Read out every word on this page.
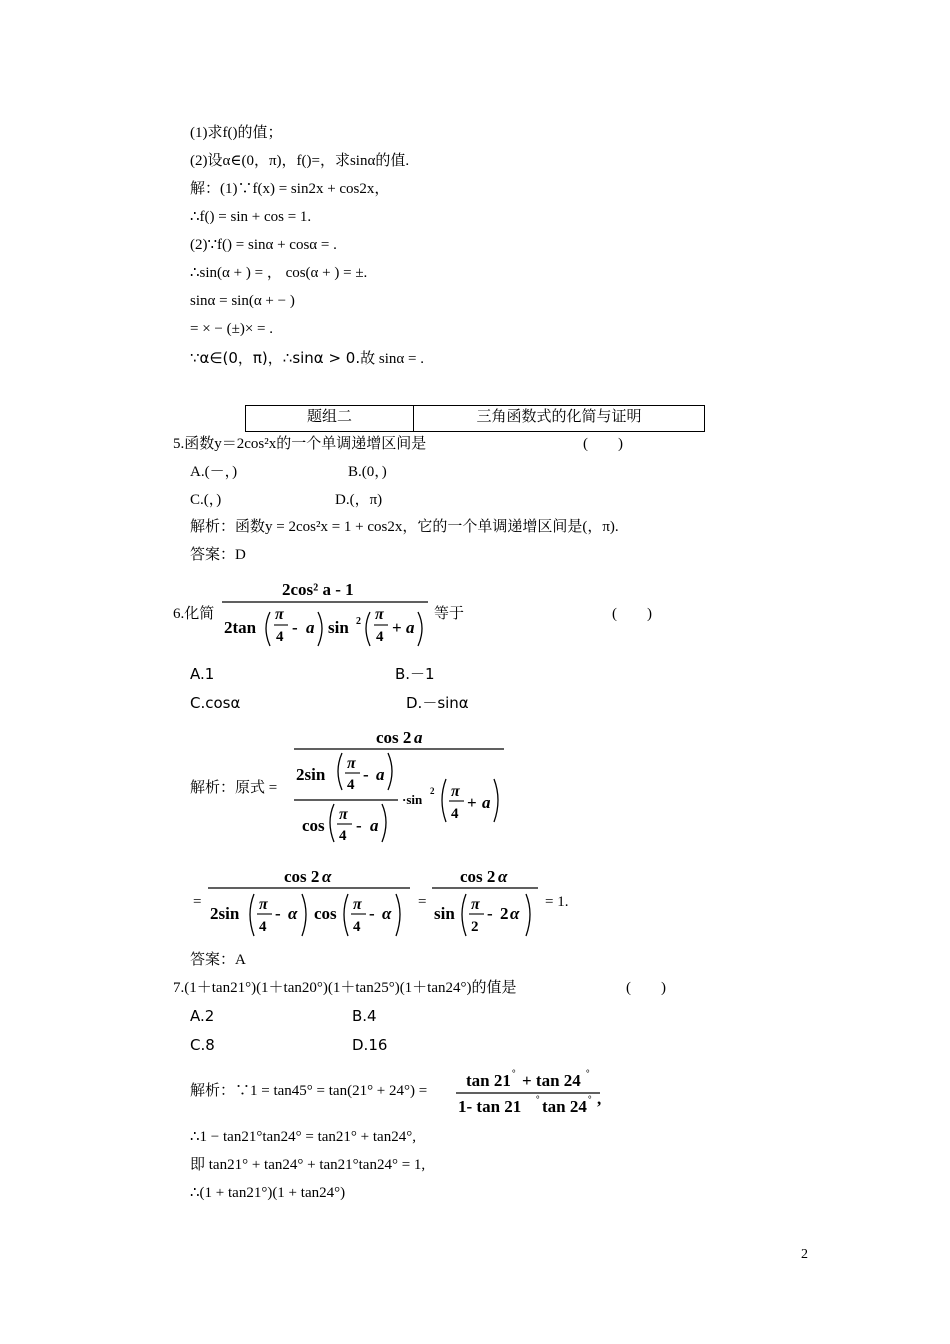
(1)求f()的值；
(2)设α∈(0，π)，f()=，求sinα的值.
解：(1)∵f(x) = sin2x + cos2x，
∴f() = sin + cos = 1.
(2)∵f() = sinα + cosα = .
∴sin(α + ) = ， cos(α + ) = ±.
sinα = sin(α + − )
= × − (±)× = .
∵α∈(0，π)，∴sinα > 0.故 sinα = .
题组二	三角函数式的化简与证明
5.函数y＝2cos²x的一个单调递增区间是	(　　)
A.(－，)	B.(0，)
C.(，)	D.(，π)
解析：函数y = 2cos²x = 1 + cos2x，它的一个单调递增区间是(，π).
答案：D
6.化简
2cos² a - 1
2tan
π
4 - a sin 2 π
4 + a
等于	(　　)
A.1	B.－1
C.cosα	D.－sinα
解析：原式 =
cos 2 a
2sin
π
4
- a
cos
π
4
- a
·sin
2 π
4
+ a
=
cos 2 α
2sin π
4
- α cos π
4
- α
=
cos 2 α
sin π
2
- 2 α
= 1.
答案：A
7.(1＋tan21°)(1＋tan20°)(1＋tan25°)(1＋tan24°)的值是	(　　)
A.2	B.4
C.8	D.16
解析：∵1 = tan45° = tan(21° + 24°) =
tan 21 ° + tan 24 °
1- tan 21 ° tan 24 ° ,
∴1 − tan21°tan24° = tan21° + tan24°,
即 tan21° + tan24° + tan21°tan24° = 1,
∴(1 + tan21°)(1 + tan24°)
2
